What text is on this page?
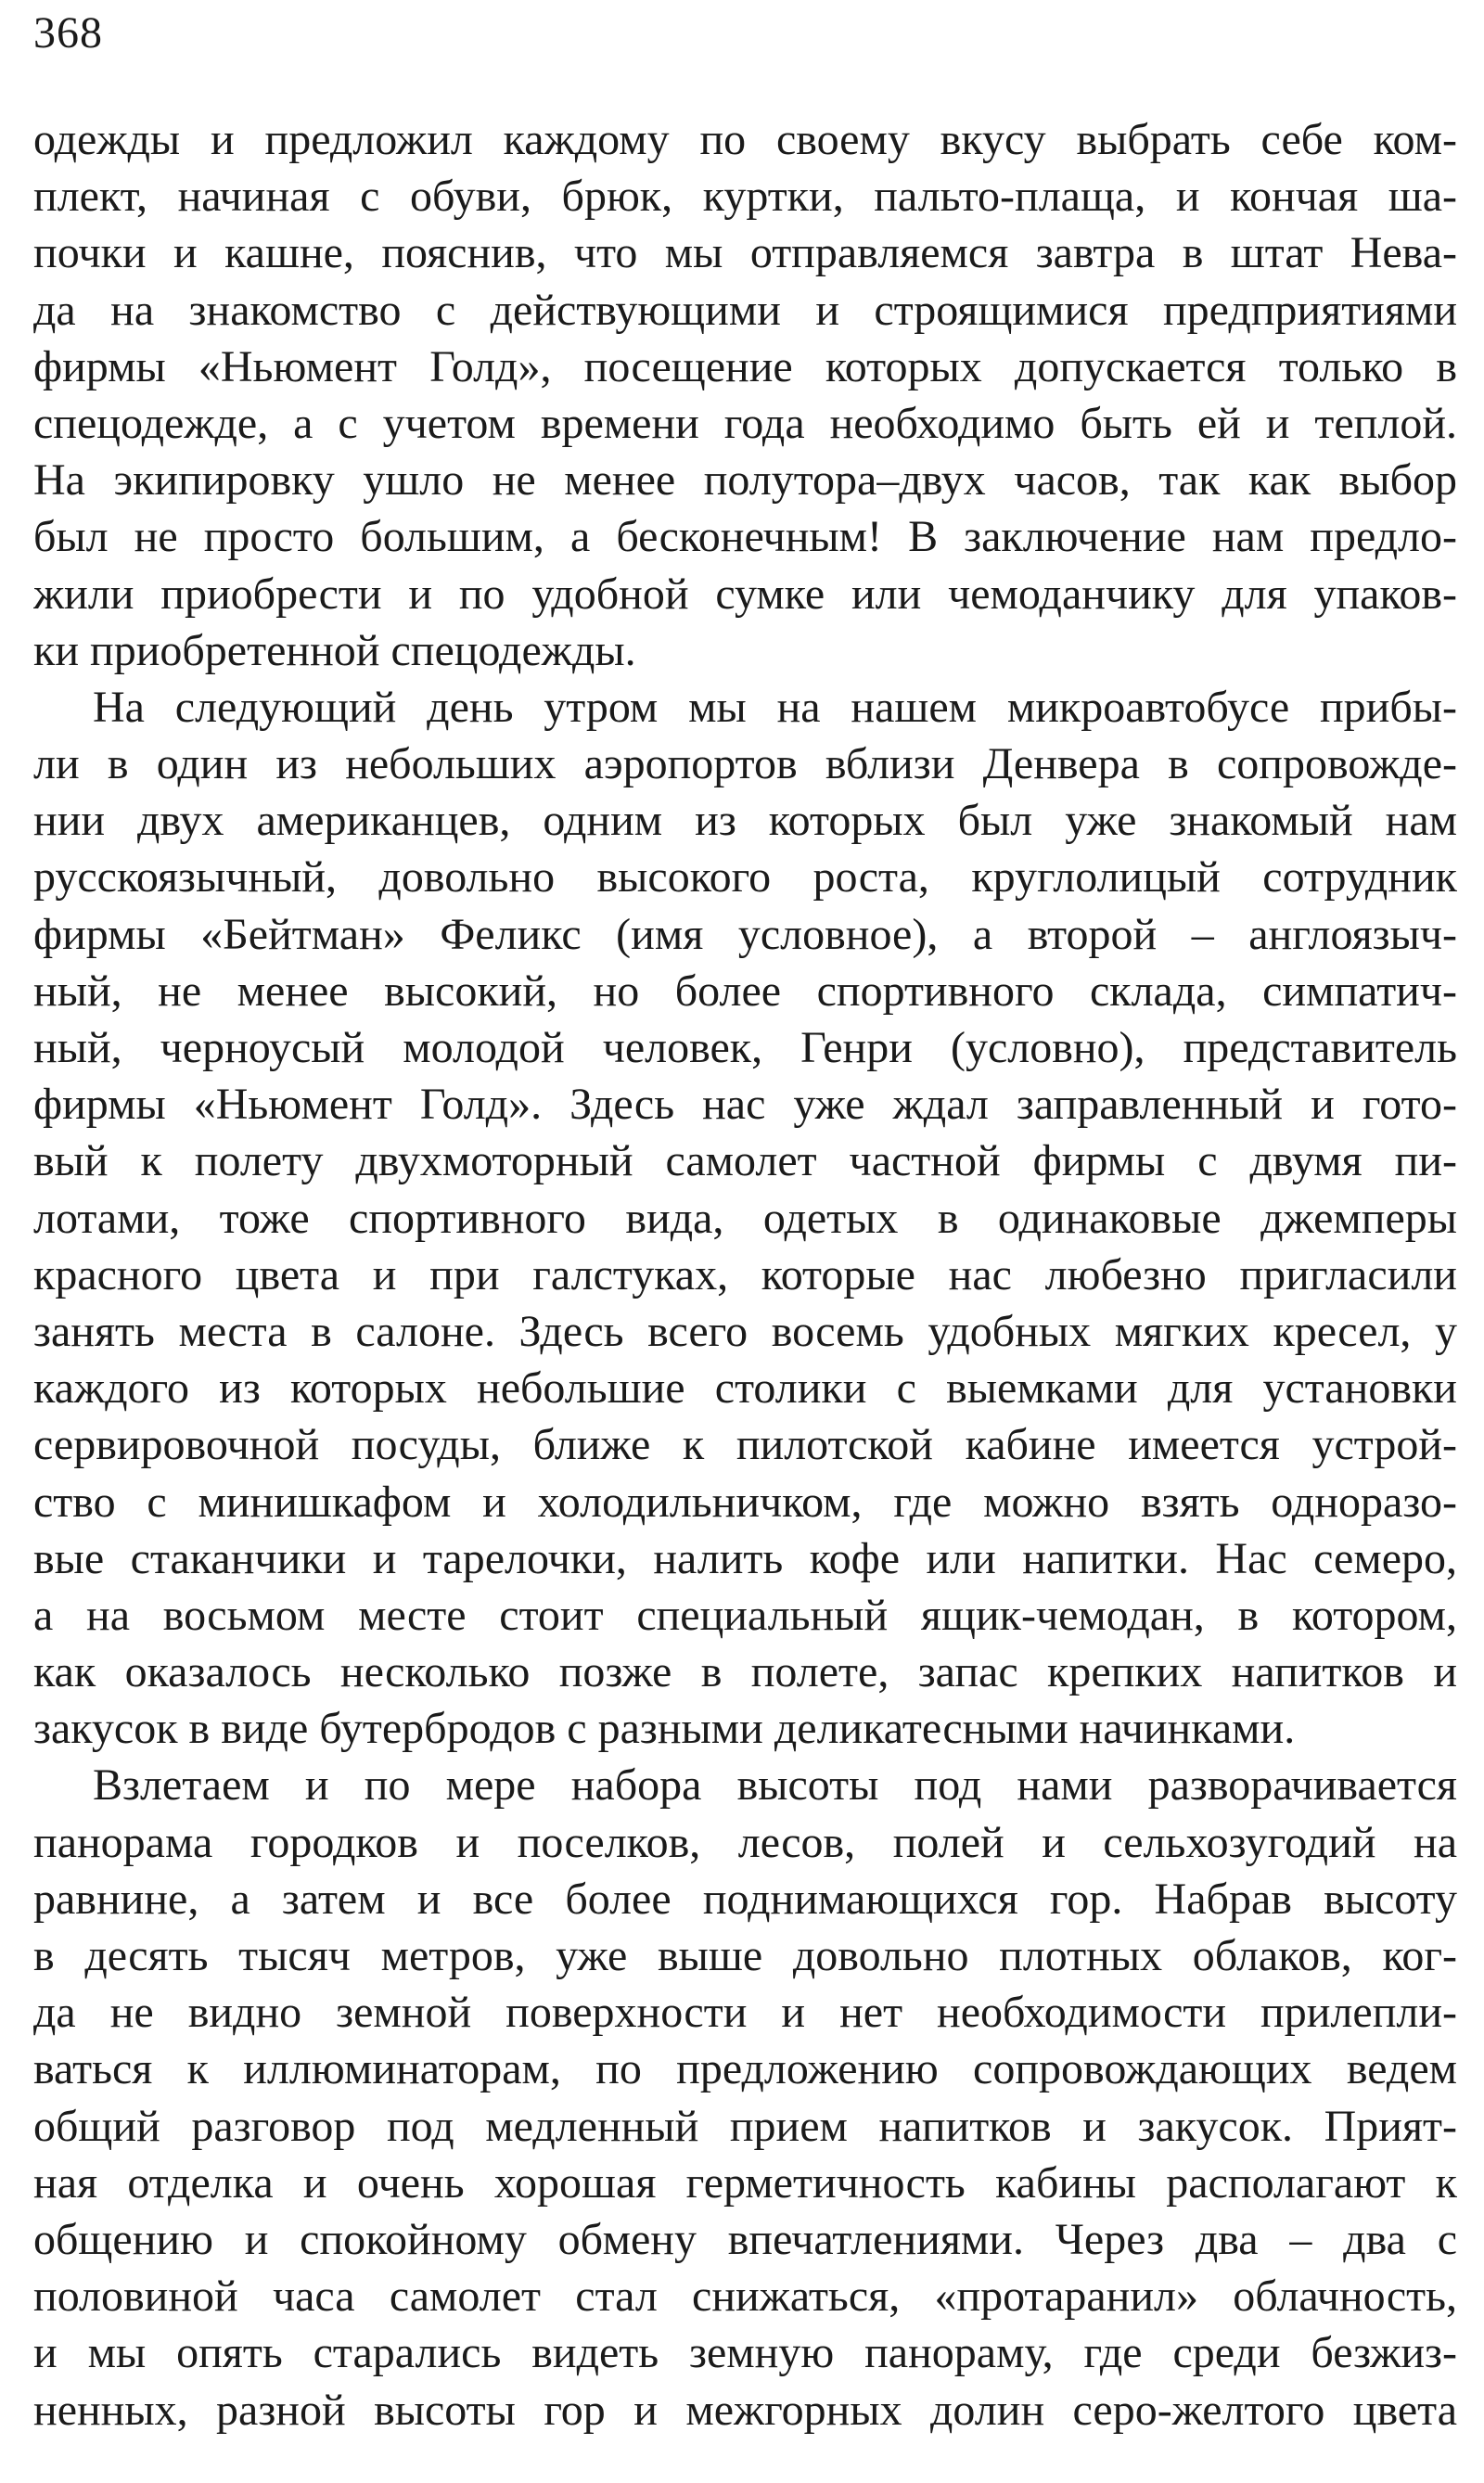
368
одежды и предложил каждому по своему вкусу выбрать себе ком-
плект, начиная с обуви, брюк, куртки, пальто-плаща, и кончая ша-
почки и кашне, пояснив, что мы отправляемся завтра в штат Нева-
да на знакомство с действующими и строящимися предприятиями
фирмы «Ньюмент Голд», посещение которых допускается только в
спецодежде, а с учетом времени года необходимо быть ей и теплой.
На экипировку ушло не менее полутора–двух часов, так как выбор
был не просто большим, а бесконечным! В заключение нам предло-
жили приобрести и по удобной сумке или чемоданчику для упаков-
ки приобретенной спецодежды.
На следующий день утром мы на нашем микроавтобусе прибы-
ли в один из небольших аэропортов вблизи Денвера в сопровожде-
нии двух американцев, одним из которых был уже знакомый нам
русскоязычный, довольно высокого роста, круглолицый сотрудник
фирмы «Бейтман» Феликс (имя условное), а второй – англоязыч-
ный, не менее высокий, но более спортивного склада, симпатич-
ный, черноусый молодой человек, Генри (условно), представитель
фирмы «Ньюмент Голд». Здесь нас уже ждал заправленный и гото-
вый к полету двухмоторный самолет частной фирмы с двумя пи-
лотами, тоже спортивного вида, одетых в одинаковые джемперы
красного цвета и при галстуках, которые нас любезно пригласили
занять места в салоне. Здесь всего восемь удобных мягких кресел, у
каждого из которых небольшие столики с выемками для установки
сервировочной посуды, ближе к пилотской кабине имеется устрой-
ство с минишкафом и холодильничком, где можно взять одноразо-
вые стаканчики и тарелочки, налить кофе или напитки. Нас семеро,
а на восьмом месте стоит специальный ящик-чемодан, в котором,
как оказалось несколько позже в полете, запас крепких напитков и
закусок в виде бутербродов с разными деликатесными начинками.
Взлетаем и по мере набора высоты под нами разворачивается
панорама городков и поселков, лесов, полей и сельхозугодий на
равнине, а затем и все более поднимающихся гор. Набрав высоту
в десять тысяч метров, уже выше довольно плотных облаков, ког-
да не видно земной поверхности и нет необходимости прилепли-
ваться к иллюминаторам, по предложению сопровождающих ведем
общий разговор под медленный прием напитков и закусок. Прият-
ная отделка и очень хорошая герметичность кабины располагают к
общению и спокойному обмену впечатлениями. Через два – два с
половиной часа самолет стал снижаться, «протаранил» облачность,
и мы опять старались видеть земную панораму, где среди безжиз-
ненных, разной высоты гор и межгорных долин серо-желтого цвета
